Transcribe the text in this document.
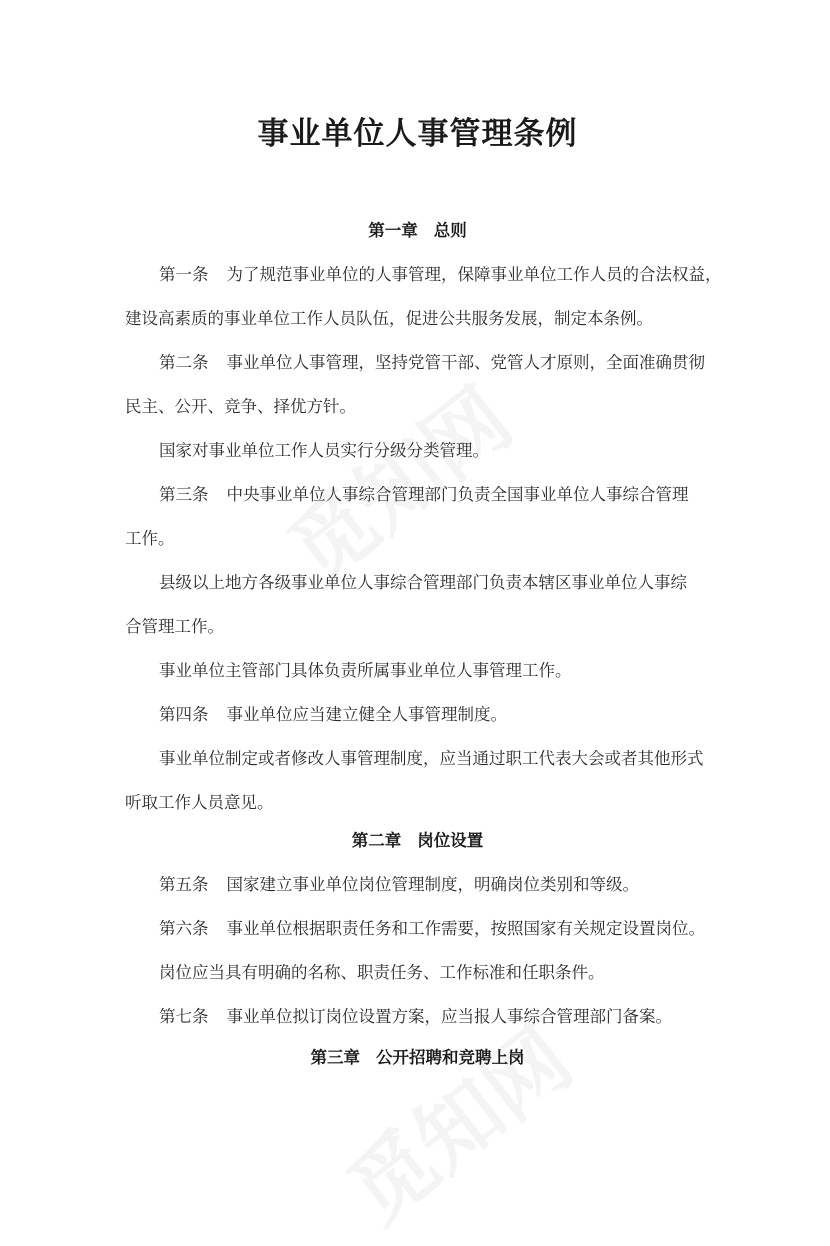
事业单位人事管理条例
第一章 总则
第一条 为了规范事业单位的人事管理，保障事业单位工作人员的合法权益，
建设高素质的事业单位工作人员队伍，促进公共服务发展，制定本条例。
第二条 事业单位人事管理，坚持党管干部、党管人才原则，全面准确贯彻
民主、公开、竞争、择优方针。
国家对事业单位工作人员实行分级分类管理。
第三条 中央事业单位人事综合管理部门负责全国事业单位人事综合管理
工作。
县级以上地方各级事业单位人事综合管理部门负责本辖区事业单位人事综
合管理工作。
事业单位主管部门具体负责所属事业单位人事管理工作。
第四条 事业单位应当建立健全人事管理制度。
事业单位制定或者修改人事管理制度，应当通过职工代表大会或者其他形式
听取工作人员意见。
第二章 岗位设置
第五条 国家建立事业单位岗位管理制度，明确岗位类别和等级。
第六条 事业单位根据职责任务和工作需要，按照国家有关规定设置岗位。
岗位应当具有明确的名称、职责任务、工作标准和任职条件。
第七条 事业单位拟订岗位设置方案，应当报人事综合管理部门备案。
第三章 公开招聘和竞聘上岗
